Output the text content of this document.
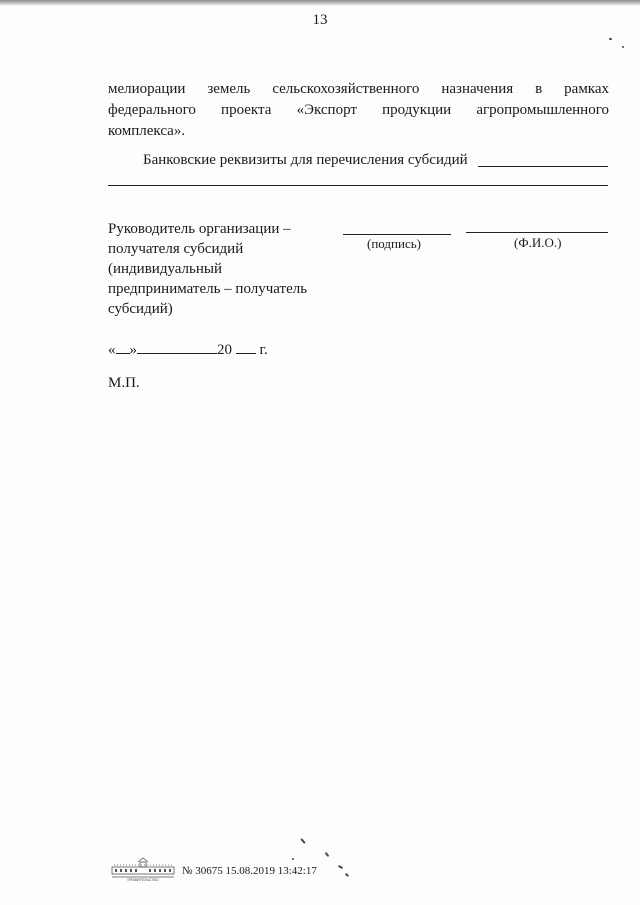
13
мелиорации земель сельскохозяйственного назначения в рамках
федерального проекта «Экспорт продукции агропромышленного
комплекса».
Банковские реквизиты для перечисления субсидий
Руководитель организации –
получателя субсидий
(индивидуальный
предприниматель – получатель
субсидий)
(подпись)	(Ф.И.О.)
« »	20 г.
М.П.
ПРАВИТЕЛЬСТВО
№ 30675 15.08.2019 13:42:17
